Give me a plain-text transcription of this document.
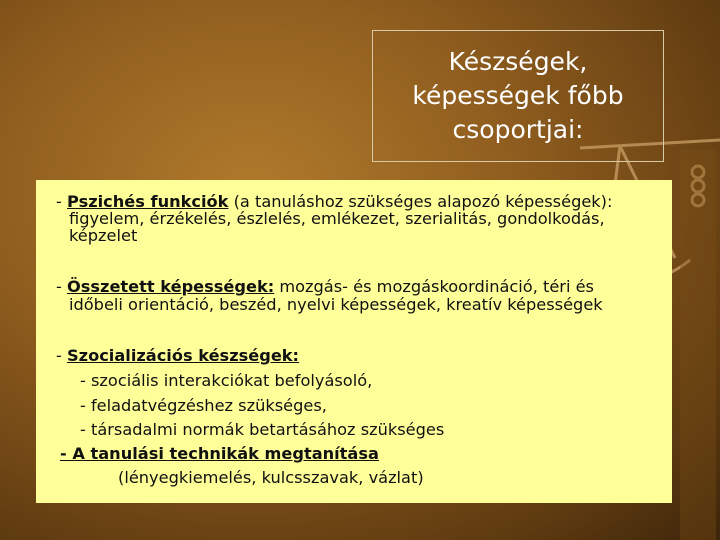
Készségek,
képességek főbb
csoportjai:
- Pszichés funkciók (a tanuláshoz szükséges alapozó képességek):
figyelem, érzékelés, észlelés, emlékezet, szerialitás, gondolkodás,
képzelet
- Összetett képességek: mozgás- és mozgáskoordináció, téri és
időbeli orientáció, beszéd, nyelvi képességek, kreatív képességek
- Szocializációs készségek:
- szociális interakciókat befolyásoló,
- feladatvégzéshez szükséges,
- társadalmi normák betartásához szükséges
- A tanulási technikák megtanítása
(lényegkiemelés, kulcsszavak, vázlat)
